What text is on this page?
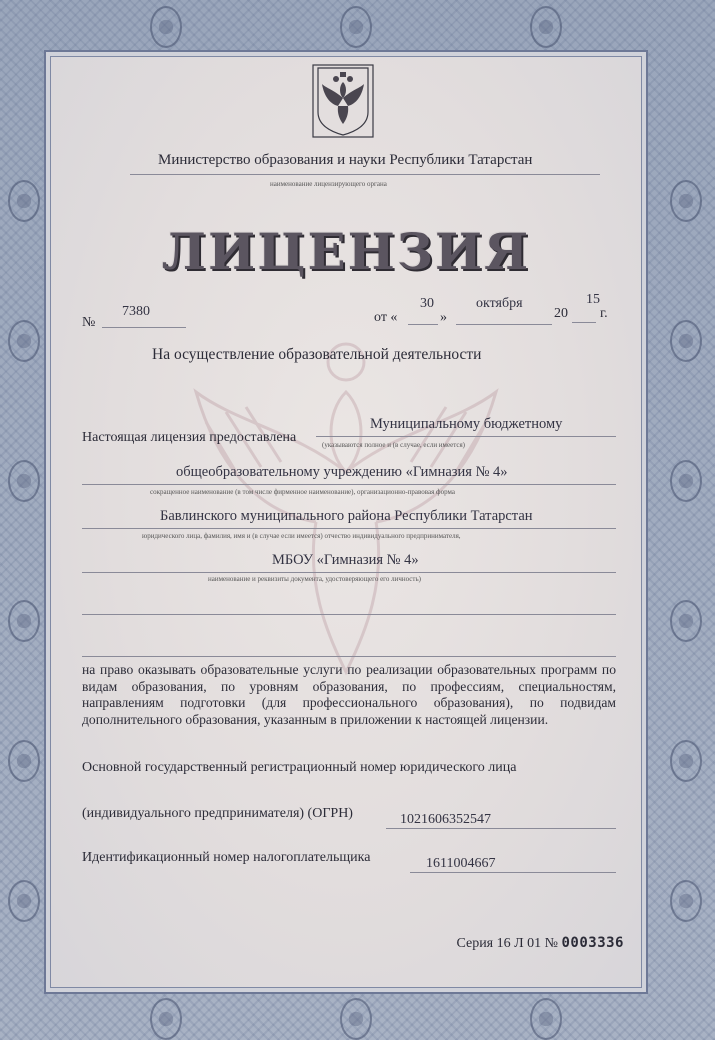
Министерство образования и науки Республики Татарстан
наименование лицензирующего органа
ЛИЦЕНЗИЯ
№
7380	от «
30
»
октября
20
15
г.
На осуществление образовательной деятельности
Настоящая лицензия предоставлена
Муниципальному бюджетному
(указываются полное и (в случае, если имеется)
общеобразовательному учреждению «Гимназия № 4»
сокращенное наименование (в том числе фирменное наименование), организационно-правовая форма
Бавлинского муниципального района Республики Татарстан
юридического лица, фамилия, имя и (в случае если имеется) отчество индивидуального предпринимателя,
МБОУ «Гимназия № 4»
наименование и реквизиты документа, удостоверяющего его личность)
на право оказывать образовательные услуги по реализации образовательных программ по видам образования, по уровням образования, по профессиям, специальностям, направлениям подготовки (для профессионального образования), по подвидам дополнительного образования, указанным в приложении к настоящей лицензии.
Основной государственный регистрационный номер юридического лица
(индивидуального предпринимателя) (ОГРН)	1021606352547
Идентификационный номер налогоплательщика	1611004667
Серия 16 Л 01 № 0003336
